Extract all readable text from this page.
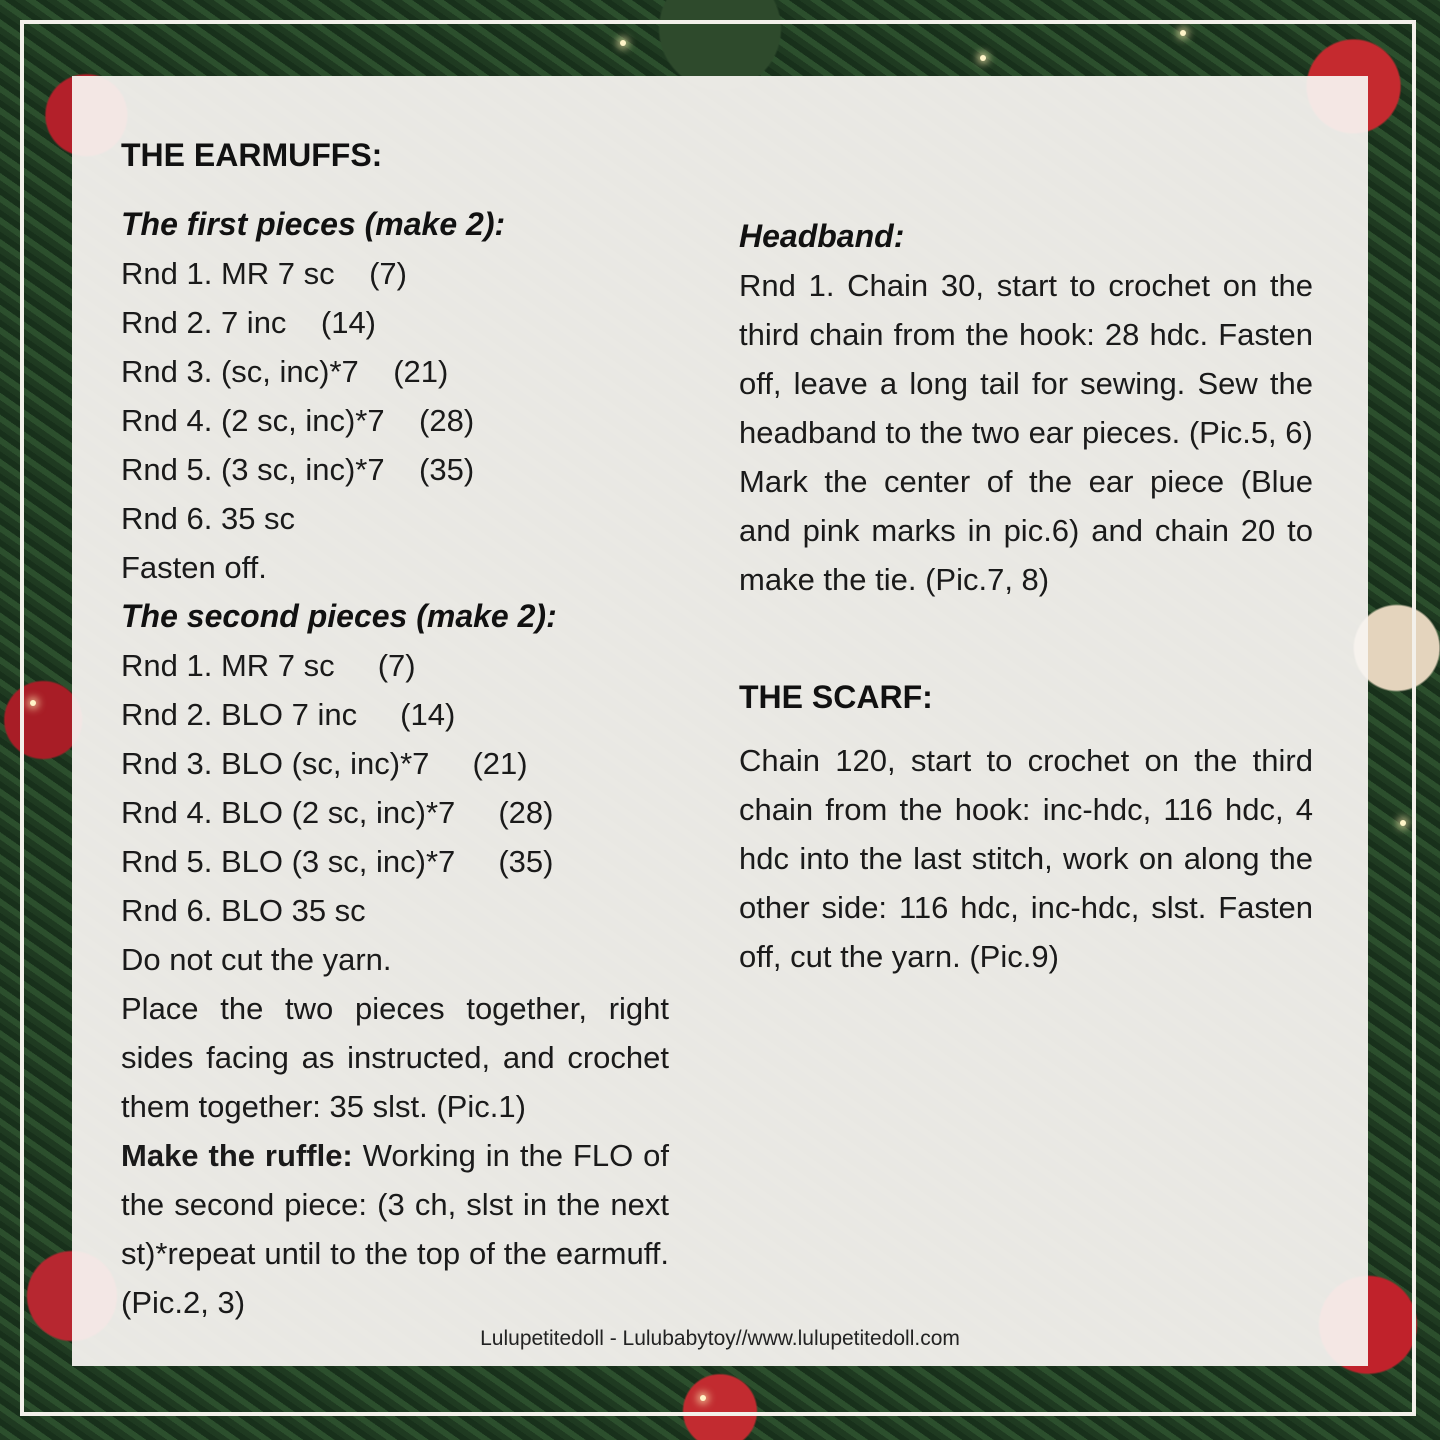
THE EARMUFFS:
The first pieces (make 2):
Rnd 1. MR 7 sc    (7)
Rnd 2. 7 inc    (14)
Rnd 3. (sc, inc)*7    (21)
Rnd 4. (2 sc, inc)*7    (28)
Rnd 5. (3 sc, inc)*7    (35)
Rnd 6. 35 sc
Fasten off.
The second pieces (make 2):
Rnd 1. MR 7 sc     (7)
Rnd 2. BLO 7 inc     (14)
Rnd 3. BLO (sc, inc)*7     (21)
Rnd 4. BLO (2 sc, inc)*7     (28)
Rnd 5. BLO (3 sc, inc)*7     (35)
Rnd 6. BLO 35 sc
Do not cut the yarn.
Place the two pieces together, right sides facing as instructed, and crochet them together: 35 slst. (Pic.1)
Make the ruffle: Working in the FLO of the second piece: (3 ch, slst in the next st)*repeat until to the top of the earmuff. (Pic.2, 3)
Headband:
Rnd 1. Chain 30, start to crochet on the third chain from the hook: 28 hdc. Fasten off, leave a long tail for sewing. Sew the headband to the two ear pieces. (Pic.5, 6)
Mark the center of the ear piece (Blue and pink marks in pic.6) and chain 20 to make the tie. (Pic.7, 8)
THE SCARF:
Chain 120, start to crochet on the third chain from the hook: inc-hdc, 116 hdc, 4 hdc into the last stitch, work on along the other side: 116 hdc, inc-hdc, slst. Fasten off, cut the yarn. (Pic.9)
Lulupetitedoll - Lulubabytoy//www.lulupetitedoll.com
